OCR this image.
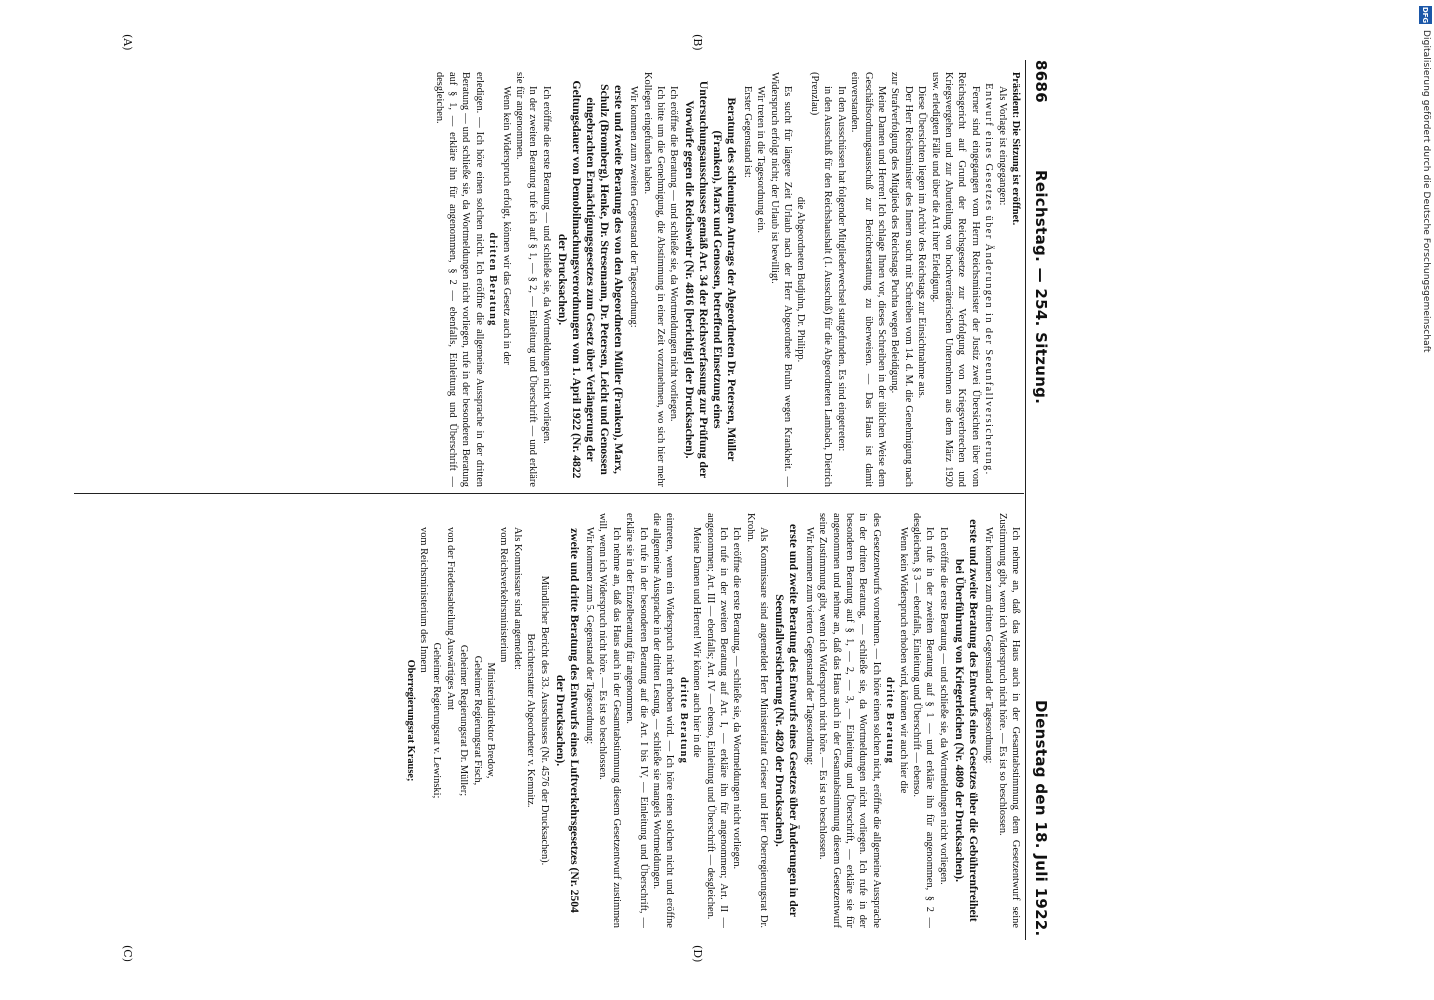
DFG
Digitalisierung gefördert durch die Deutsche Forschungsgemeinschaft
8686
Reichstag. — 254. Sitzung.
Dienstag den 18. Juli 1922.
(A)	(B)
(C)	(D)

Präsident: Die Sitzung ist eröffnet.

Als Vorlage ist eingegangen:

Entwurf eines Gesetzes über Änderungen in der Seeunfallversicherung.

Ferner sind eingegangen vom Herrn Reichsminister der Justiz zwei Übersichten über vom Reichsgericht auf Grund der Reichsgesetze zur Verfolgung von Kriegsverbrechen und Kriegsvergehen und zur Aburteilung von hochverräterischen Unternehmen aus dem März 1920 usw. erledigten Fälle und über die Art ihrer Erledigung.

Diese Übersichten liegen im Archiv des Reichstags zur Einsichtnahme aus.

Der Herr Reichsminister des Innern sucht mit Schreiben vom 14. d. M. die Genehmigung nach zur Strafverfolgung des Mitglieds des Reichstags Puchta wegen Beleidigung.

Meine Damen und Herren! Ich schlage Ihnen vor, dieses Schreiben in der üblichen Weise dem Geschäftsordnungsausschuß zur Berichterstattung zu überweisen. — Das Haus ist damit einverstanden.

In den Ausschüssen hat folgender Mitgliederwechsel stattgefunden. Es sind eingetreten:

in den Ausschuß für den Reichshaushalt (1. Ausschuß) für die Abgeordneten Lambach, Dietrich (Prenzlau)

die Abgeordneten Budjuhn, Dr. Philipp.

Es sucht für längere Zeit Urlaub nach der Herr Abgeordnete Bruhn wegen Krankheit. — Widerspruch erfolgt nicht; der Urlaub ist bewilligt.

Wir treten in die Tagesordnung ein.

Erster Gegenstand ist:

Beratung des schleunigen Antrags der Abgeordneten Dr. Petersen, Müller (Franken), Marx und Genossen, betreffend Einsetzung eines Untersuchungsausschusses gemäß Art. 34 der Reichsverfassung zur Prüfung der Vorwürfe gegen die Reichswehr (Nr. 4816 [berichtigt] der Drucksachen).

Ich eröffne die Beratung — und schließe sie, da Wortmeldungen nicht vorliegen.

Ich bitte um die Genehmigung, die Abstimmung in einer Zeit vorzunehmen, wo sich hier mehr Kollegen eingefunden haben.

Wir kommen zum zweiten Gegenstand der Tagesordnung:

erste und zweite Beratung des von den Abgeordneten Müller (Franken), Marx, Schulz (Bromberg), Henke, Dr. Stresemann, Dr. Petersen, Leicht und Genossen eingebrachten Ermächtigungsgesetzes zum Gesetz über Verlängerung der Geltungsdauer von Demobilmachungsverordnungen vom 1. April 1922 (Nr. 4822 der Drucksachen).

Ich eröffne die erste Beratung — und schließe sie, da Wortmeldungen nicht vorliegen.

In der zweiten Beratung rufe ich auf § 1, — § 2, — Einleitung und Überschrift — und erkläre sie für angenommen.

Wenn kein Widerspruch erfolgt, können wir das Gesetz auch in der

dritten Beratung

erledigen. — Ich höre einen solchen nicht. Ich eröffne die allgemeine Aussprache in der dritten Beratung — und schließe sie, da Wortmeldungen nicht vorliegen, rufe in der besonderen Beratung auf § 1, — erkläre ihn für angenommen, § 2 — ebenfalls, Einleitung und Überschrift — desgleichen.

Ich nehme an, daß das Haus auch in der Gesamtabstimmung dem Gesetzentwurf seine Zustimmung gibt, wenn ich Widerspruch nicht höre. — Es ist so beschlossen.

Wir kommen zum dritten Gegenstand der Tagesordnung:

erste und zweite Beratung des Entwurfs eines Gesetzes über die Gebührenfreiheit bei Überführung von Kriegerleichen (Nr. 4809 der Drucksachen).

Ich eröffne die erste Beratung — und schließe sie, da Wortmeldungen nicht vorliegen.

Ich rufe in der zweiten Beratung auf § 1 — und erkläre ihn für angenommen, § 2 — desgleichen, § 3 — ebenfalls, Einleitung und Überschrift — ebenso.

Wenn kein Widerspruch erhoben wird, können wir auch hier die

dritte Beratung

des Gesetzentwurfs vornehmen. — Ich höre einen solchen nicht, eröffne die allgemeine Aussprache in der dritten Beratung, — schließe sie, da Wortmeldungen nicht vorliegen. Ich rufe in der besonderen Beratung auf § 1, — 2, — 3, — Einleitung und Überschrift, — erkläre sie für angenommen und nehme an, daß das Haus auch in der Gesamtabstimmung diesem Gesetzentwurf seine Zustimmung gibt, wenn ich Widerspruch nicht höre. — Es ist so beschlossen.

Wir kommen zum vierten Gegenstand der Tagesordnung:

erste und zweite Beratung des Entwurfs eines Gesetzes über Änderungen in der Seeunfallversicherung (Nr. 4820 der Drucksachen).

Als Kommissare sind angemeldet Herr Ministerialrat Grieser und Herr Oberregierungsrat Dr. Krohn.

Ich eröffne die erste Beratung, — schließe sie, da Wortmeldungen nicht vorliegen.

Ich rufe in der zweiten Beratung auf Art. I, — erkläre ihn für angenommen; Art. II — angenommen; Art. III — ebenfalls; Art. IV — ebenso, Einleitung und Überschrift — desgleichen.

Meine Damen und Herren! Wir können auch hier in die

dritte Beratung

eintreten, wenn ein Widerspruch nicht erhoben wird. — Ich höre einen solchen nicht und eröffne die allgemeine Aussprache in der dritten Lesung, — schließe sie mangels Wortmeldungen.

Ich rufe in der besonderen Beratung auf die Art. I bis IV, — Einleitung und Überschrift, — erkläre sie in der Einzelberatung für angenommen.

Ich nehme an, daß das Haus auch in der Gesamtabstimmung diesem Gesetzentwurf zustimmen will, wenn ich Widerspruch nicht höre. — Es ist so beschlossen.

Wir kommen zum 5. Gegenstand der Tagesordnung:

zweite und dritte Beratung des Entwurfs eines Luftverkehrsgesetzes (Nr. 2504 der Drucksachen).

Mündlicher Bericht des 33. Ausschusses (Nr. 4576 der Drucksachen).

Berichterstatter Abgeordneter v. Kemnitz.

Als Kommissare sind angemeldet:

vom Reichsverkehrsministerium

Ministerialdirektor Bredow,

Geheimer Regierungsrat Fisch,

Geheimer Regierungsrat Dr. Müller;

von der Friedensabteilung Auswärtiges Amt

Geheimer Regierungsrat v. Lewinski;

vom Reichsministerium des Innern

Oberregierungsrat Krause;
